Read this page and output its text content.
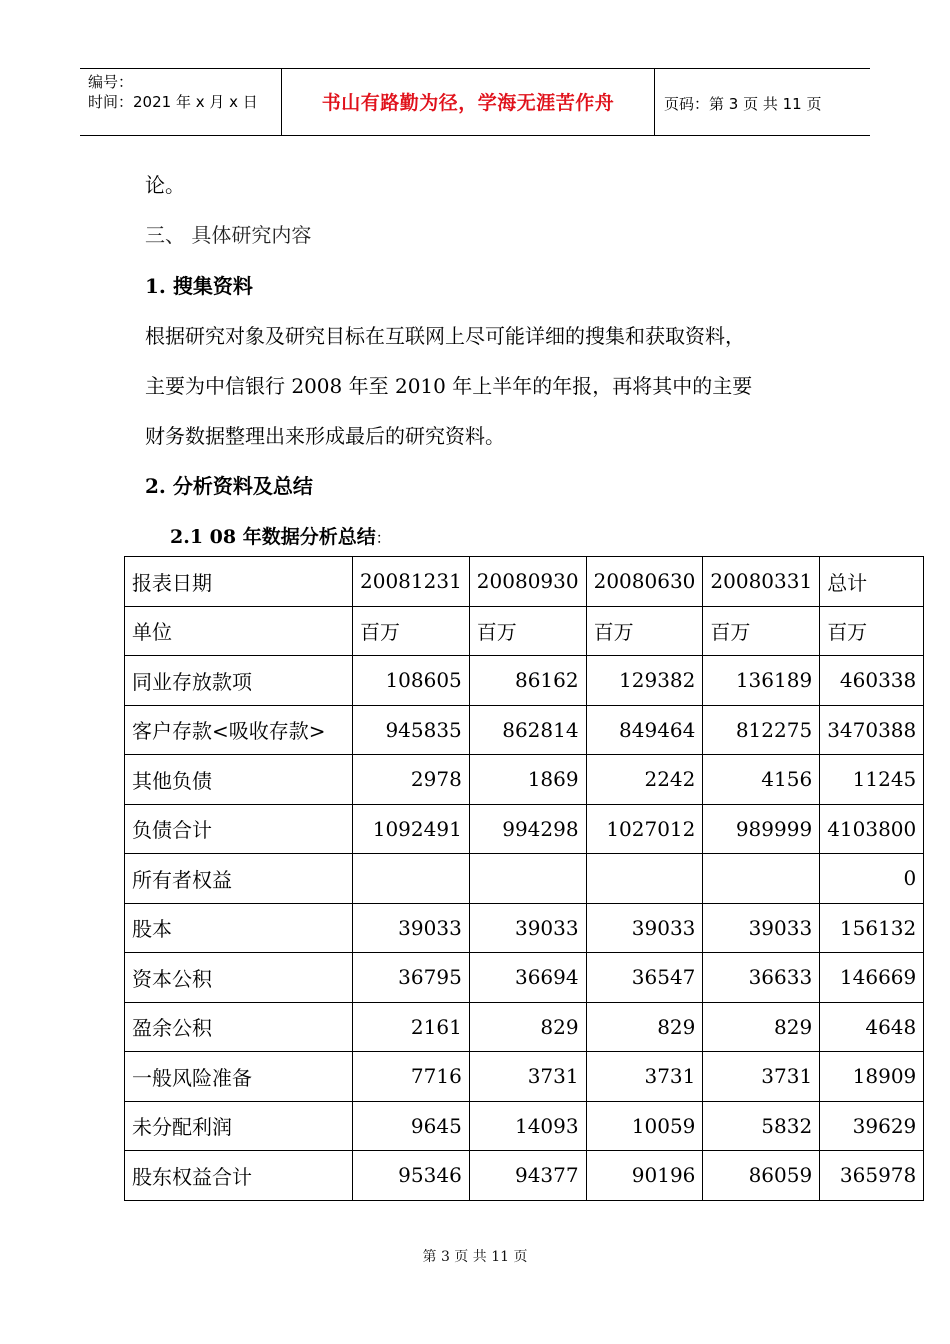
编号：
时间：2021 年 x 月 x 日	书山有路勤为径，学海无涯苦作舟	页码：第 3 页 共 11 页
论。
三、 具体研究内容
1. 搜集资料
根据研究对象及研究目标在互联网上尽可能详细的搜集和获取资料，
主要为中信银行 2008 年至 2010 年上半年的年报，再将其中的主要
财务数据整理出来形成最后的研究资料。
2. 分析资料及总结
2.1 08 年数据分析总结：
报表日期	20081231	20080930	20080630	20080331	总计
单位	百万	百万	百万	百万	百万
同业存放款项	108605	86162	129382	136189	460338
客户存款<吸收存款>	945835	862814	849464	812275	3470388
其他负债	2978	1869	2242	4156	11245
负债合计	1092491	994298	1027012	989999	4103800
所有者权益					0
股本	39033	39033	39033	39033	156132
资本公积	36795	36694	36547	36633	146669
盈余公积	2161	829	829	829	4648
一般风险准备	7716	3731	3731	3731	18909
未分配利润	9645	14093	10059	5832	39629
股东权益合计	95346	94377	90196	86059	365978
第 3 页 共 11 页
